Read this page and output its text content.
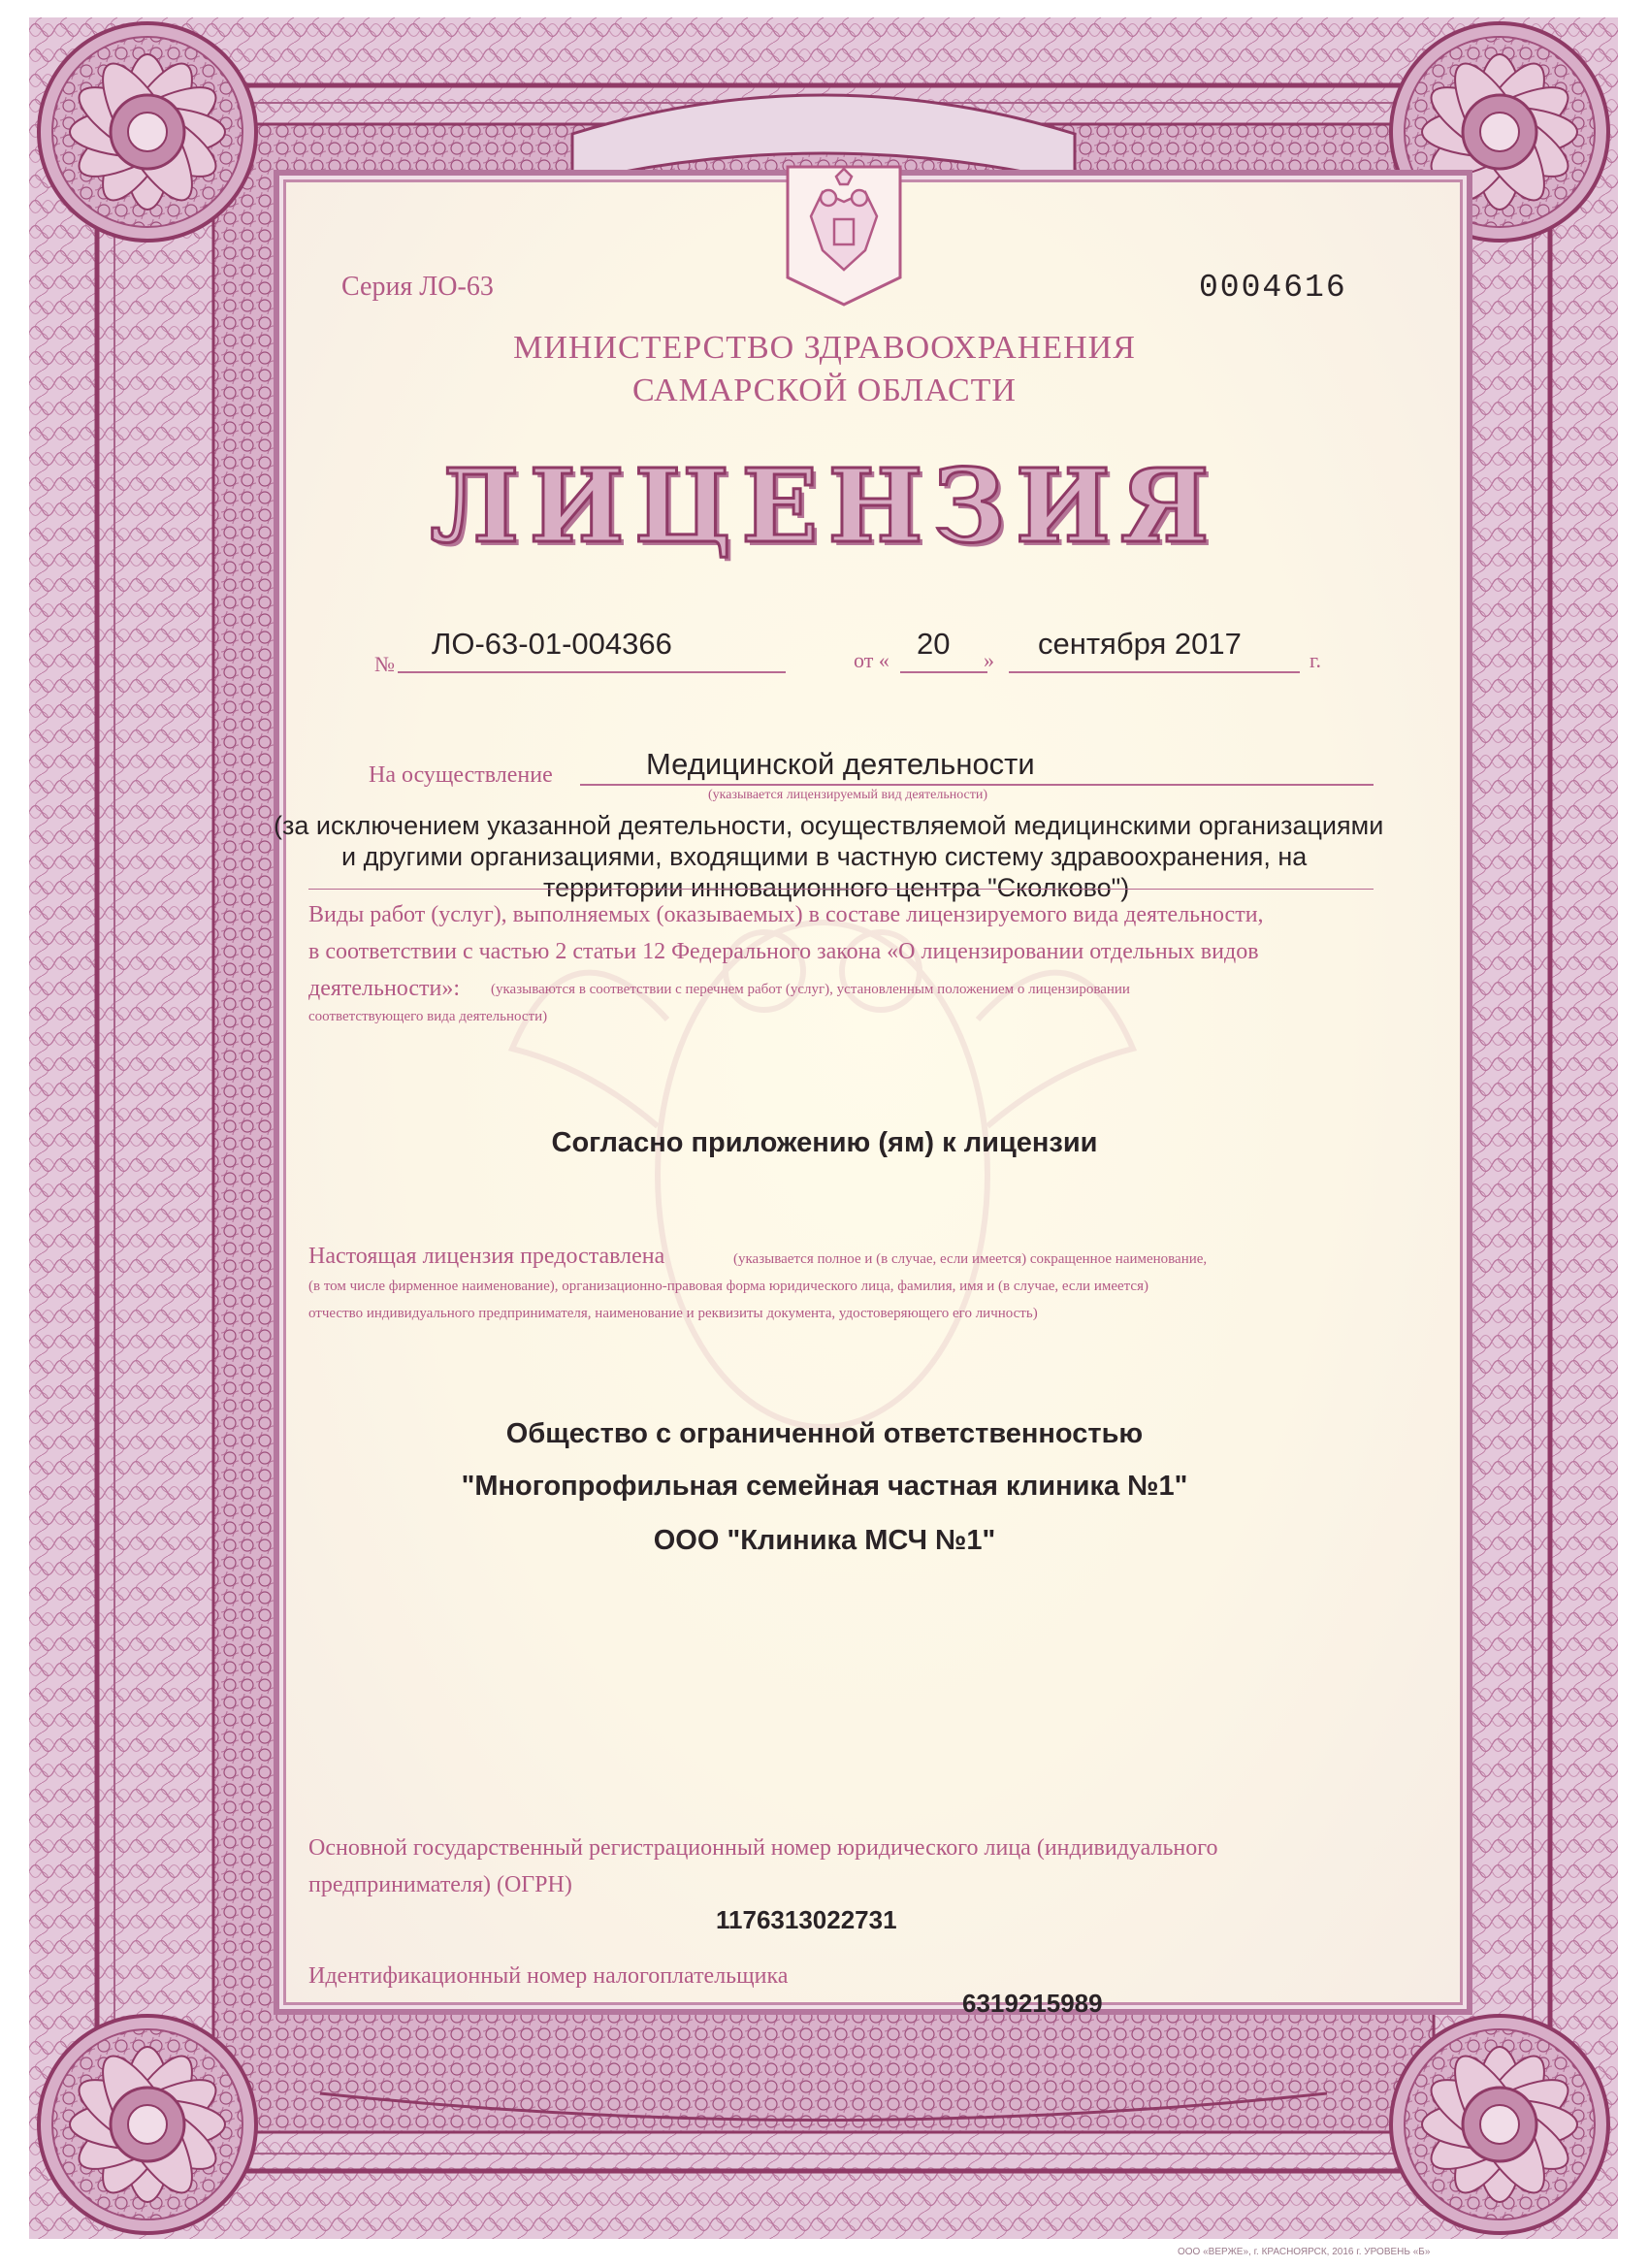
Серия ЛО-63	0004616
МИНИСТЕРСТВО ЗДРАВООХРАНЕНИЯ
САМАРСКОЙ ОБЛАСТИ
ЛИЦЕНЗИЯ
№
ЛО-63-01-004366	от « 20 » сентября 2017	г.
На осуществление	Медицинской деятельности
(указывается лицензируемый вид деятельности)
(за исключением указанной деятельности, осуществляемой медицинскими организациями
и другими организациями, входящими в частную систему здравоохранения, на
территории инновационного центра "Сколково")
Виды работ (услуг), выполняемых (оказываемых) в составе лицензируемого вида деятельности,
в соответствии с частью 2 статьи 12 Федерального закона «О лицензировании отдельных видов
деятельности»: (указываются в соответствии с перечнем работ (услуг), установленным положением о лицензировании
соответствующего вида деятельности)
Согласно приложению (ям) к лицензии
Настоящая лицензия предоставлена	(указывается полное и (в случае, если имеется) сокращенное наименование,
(в том числе фирменное наименование), организационно-правовая форма юридического лица, фамилия, имя и (в случае, если имеется)
отчество индивидуального предпринимателя, наименование и реквизиты документа, удостоверяющего его личность)
Общество с ограниченной ответственностью
"Многопрофильная семейная частная клиника №1"
ООО "Клиника МСЧ №1"
Основной государственный регистрационный номер юридического лица (индивидуального
предпринимателя) (ОГРН)
1176313022731
Идентификационный номер налогоплательщика
6319215989
ООО «ВЕРЖЕ», г. КРАСНОЯРСК, 2016 г. УРОВЕНЬ «Б»
